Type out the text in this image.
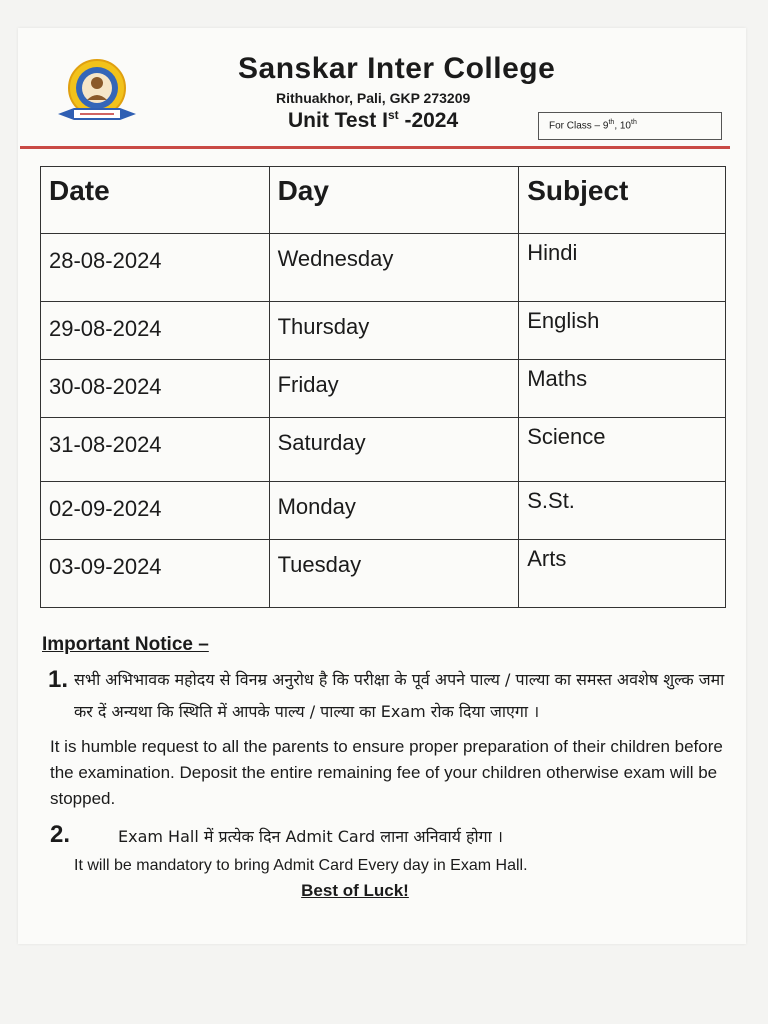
Sanskar Inter College
Rithuakhor, Pali, GKP 273209
Unit Test Ist -2024	For Class – 9th, 10th
Date	Day	Subject
28-08-2024	Wednesday	Hindi
29-08-2024	Thursday	English
30-08-2024	Friday	Maths
31-08-2024	Saturday	Science
02-09-2024	Monday	S.St.
03-09-2024	Tuesday	Arts
Important Notice –
1. सभी अभिभावक महोदय से विनम्र अनुरोध है कि परीक्षा के पूर्व अपने पाल्य / पाल्या का समस्त अवशेष शुल्क जमा कर दें अन्यथा कि स्थिति में आपके पाल्य / पाल्या का Exam रोक दिया जाएगा ।
It is humble request to all the parents to ensure proper preparation of their children before the examination. Deposit the entire remaining fee of your children otherwise exam will be stopped.
2.	Exam Hall में प्रत्येक दिन Admit Card लाना अनिवार्य होगा ।
It will be mandatory to bring Admit Card Every day in Exam Hall.
Best of Luck!
